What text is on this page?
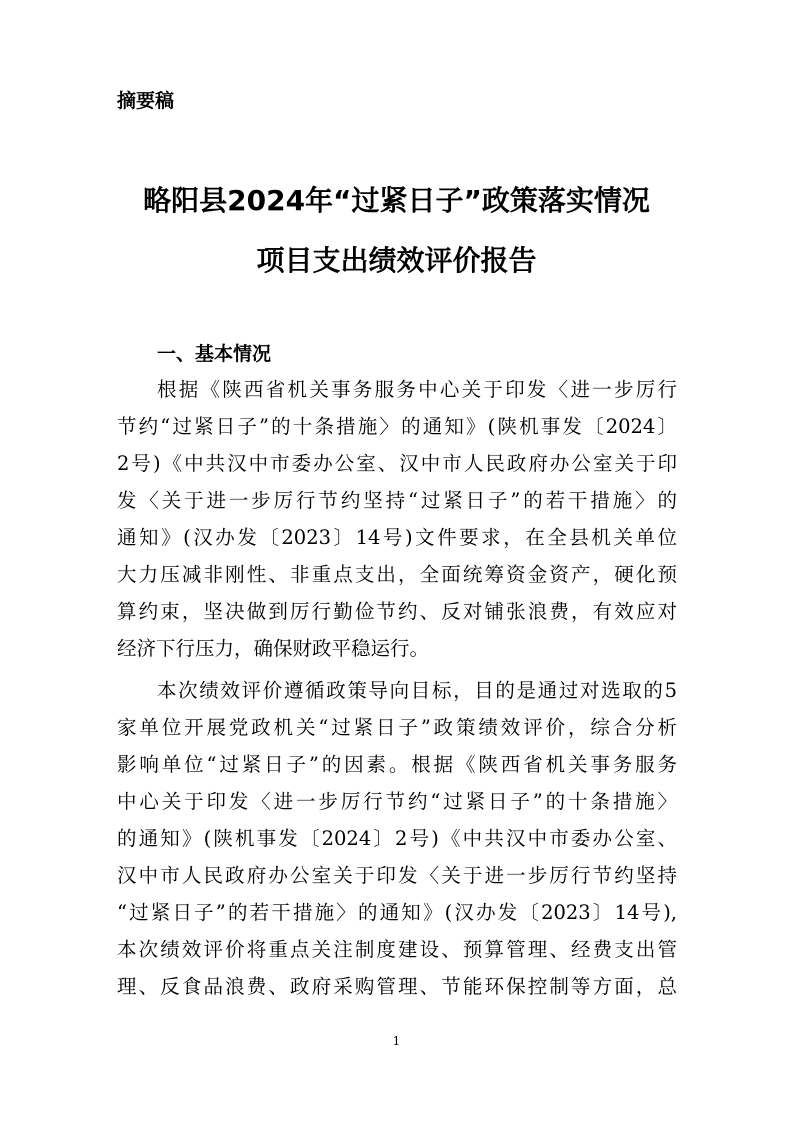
摘要稿

略阳县2024年“过紧日子”政策落实情况

项目支出绩效评价报告

一、基本情况

根据《陕西省机关事务服务中心关于印发〈进一步厉行

节约“过紧日子”的十条措施〉的通知》(陕机事发〔2024〕

2号)《中共汉中市委办公室、汉中市人民政府办公室关于印

发〈关于进一步厉行节约坚持“过紧日子”的若干措施〉的

通知》(汉办发〔2023〕14号)文件要求，在全县机关单位

大力压减非刚性、非重点支出，全面统筹资金资产，硬化预

算约束，坚决做到厉行勤俭节约、反对铺张浪费，有效应对

经济下行压力，确保财政平稳运行。

本次绩效评价遵循政策导向目标，目的是通过对选取的5

家单位开展党政机关“过紧日子”政策绩效评价，综合分析

影响单位“过紧日子”的因素。根据《陕西省机关事务服务

中心关于印发〈进一步厉行节约“过紧日子”的十条措施〉

的通知》(陕机事发〔2024〕2号)《中共汉中市委办公室、

汉中市人民政府办公室关于印发〈关于进一步厉行节约坚持

“过紧日子”的若干措施〉的通知》(汉办发〔2023〕14号),

本次绩效评价将重点关注制度建设、预算管理、经费支出管

理、反食品浪费、政府采购管理、节能环保控制等方面，总

1
